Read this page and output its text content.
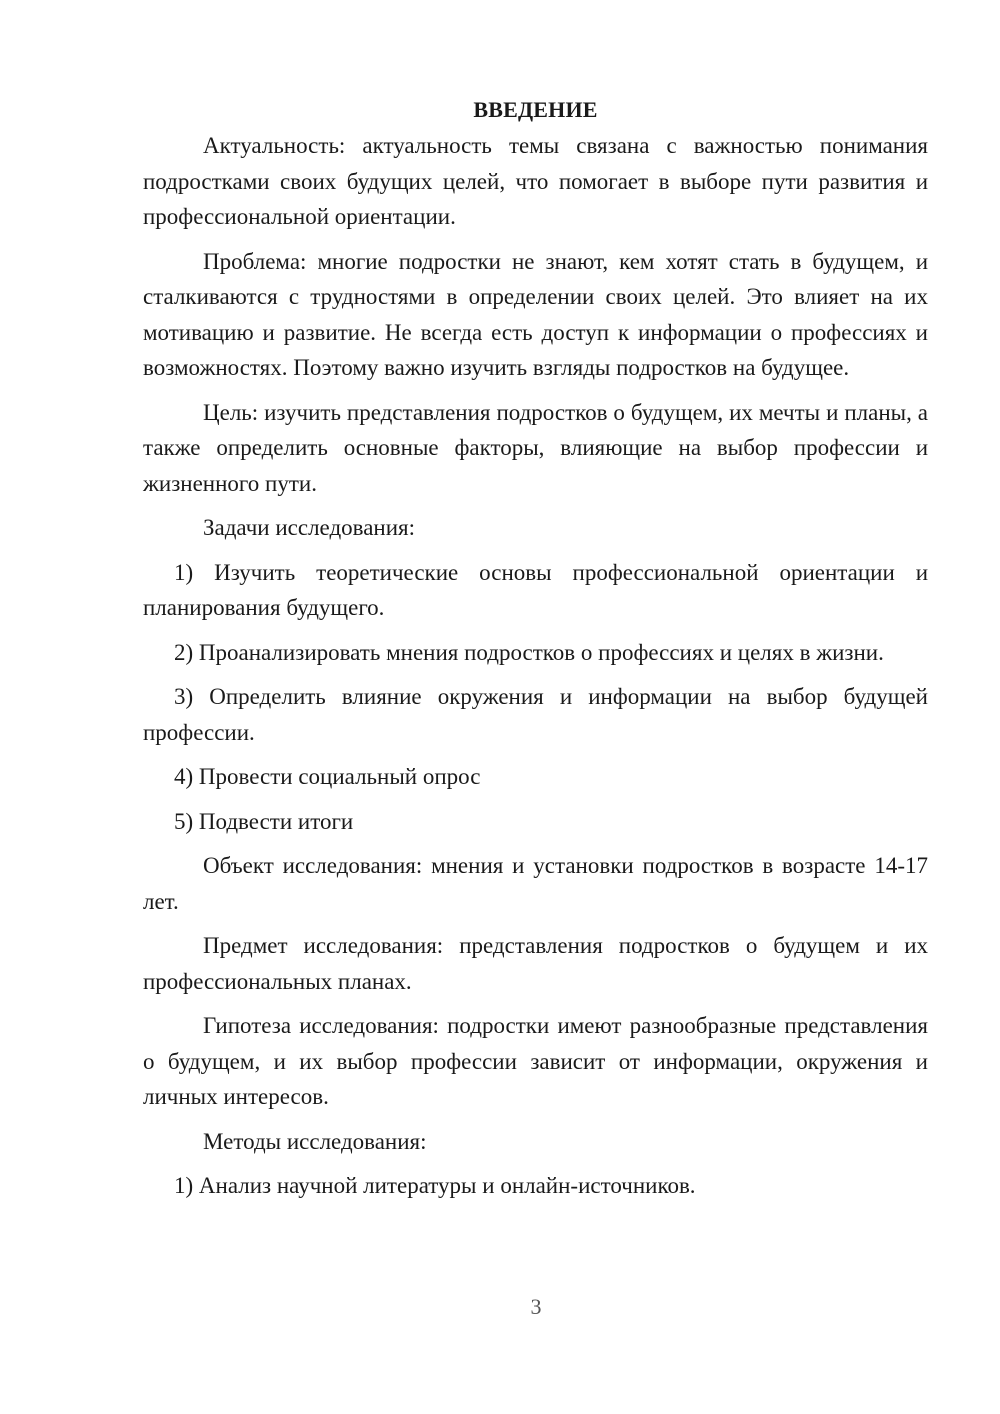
ВВЕДЕНИЕ

Актуальность: актуальность темы связана с важностью понимания подростками своих будущих целей, что помогает в выборе пути развития и профессиональной ориентации.

Проблема: многие подростки не знают, кем хотят стать в будущем, и сталкиваются с трудностями в определении своих целей. Это влияет на их мотивацию и развитие. Не всегда есть доступ к информации о профессиях и возможностях. Поэтому важно изучить взгляды подростков на будущее.

Цель: изучить представления подростков о будущем, их мечты и планы, а также определить основные факторы, влияющие на выбор профессии и жизненного пути.

Задачи исследования:

1) Изучить теоретические основы профессиональной ориентации и планирования будущего.

2) Проанализировать мнения подростков о профессиях и целях в жизни.

3) Определить влияние окружения и информации на выбор будущей профессии.

4) Провести социальный опрос

5) Подвести итоги

Объект исследования: мнения и установки подростков в возрасте 14-17 лет.

Предмет исследования: представления подростков о будущем и их профессиональных планах.

Гипотеза исследования: подростки имеют разнообразные представления о будущем, и их выбор профессии зависит от информации, окружения и личных интересов.

Методы исследования:

1) Анализ научной литературы и онлайн-источников.

3
